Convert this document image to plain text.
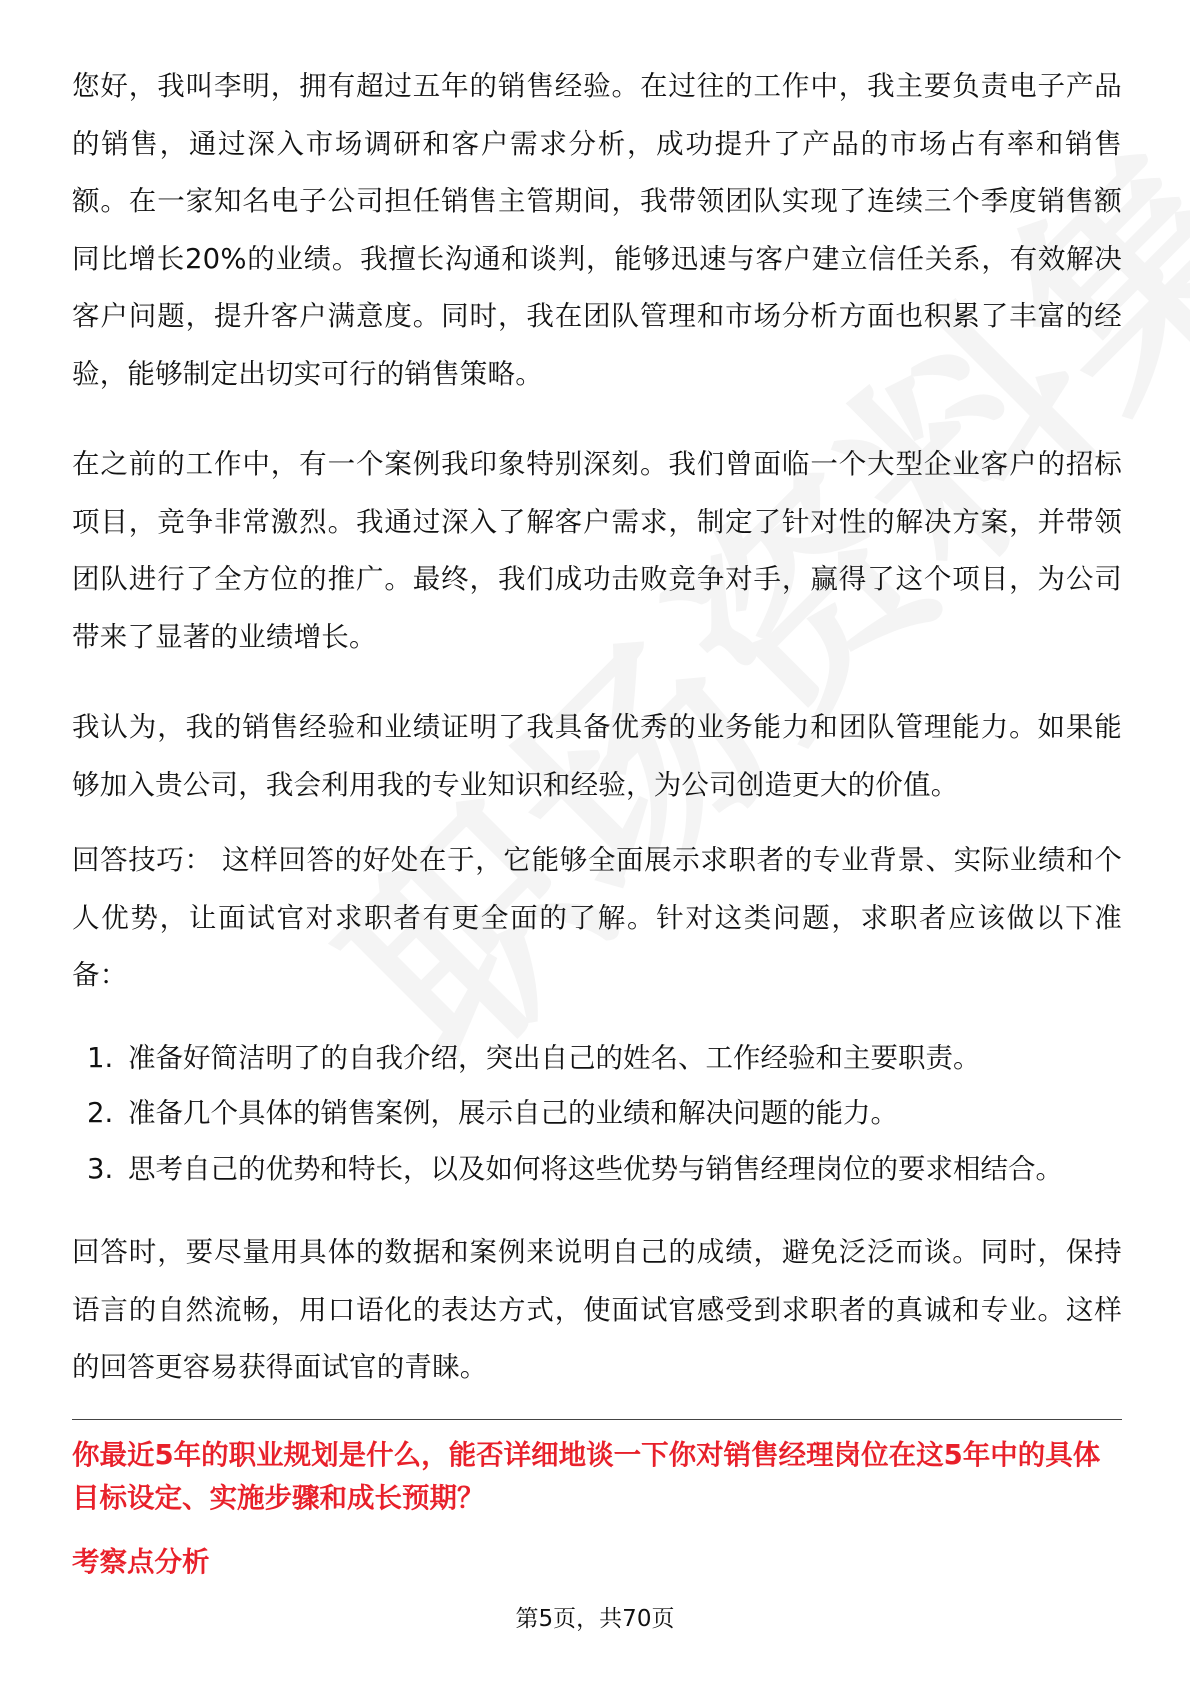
您好，我叫李明，拥有超过五年的销售经验。在过往的工作中，我主要负责电子产品的销售，通过深入市场调研和客户需求分析，成功提升了产品的市场占有率和销售额。在一家知名电子公司担任销售主管期间，我带领团队实现了连续三个季度销售额同比增长20%的业绩。我擅长沟通和谈判，能够迅速与客户建立信任关系，有效解决客户问题，提升客户满意度。同时，我在团队管理和市场分析方面也积累了丰富的经验，能够制定出切实可行的销售策略。

在之前的工作中，有一个案例我印象特别深刻。我们曾面临一个大型企业客户的招标项目，竞争非常激烈。我通过深入了解客户需求，制定了针对性的解决方案，并带领团队进行了全方位的推广。最终，我们成功击败竞争对手，赢得了这个项目，为公司带来了显著的业绩增长。

我认为，我的销售经验和业绩证明了我具备优秀的业务能力和团队管理能力。如果能够加入贵公司，我会利用我的专业知识和经验，为公司创造更大的价值。

回答技巧： 这样回答的好处在于，它能够全面展示求职者的专业背景、实际业绩和个人优势，让面试官对求职者有更全面的了解。针对这类问题，求职者应该做以下准备：

1. 准备好简洁明了的自我介绍，突出自己的姓名、工作经验和主要职责。
2. 准备几个具体的销售案例，展示自己的业绩和解决问题的能力。
3. 思考自己的优势和特长，以及如何将这些优势与销售经理岗位的要求相结合。

回答时，要尽量用具体的数据和案例来说明自己的成绩，避免泛泛而谈。同时，保持语言的自然流畅，用口语化的表达方式，使面试官感受到求职者的真诚和专业。这样的回答更容易获得面试官的青睐。

你最近5年的职业规划是什么，能否详细地谈一下你对销售经理岗位在这5年中的具体目标设定、实施步骤和成长预期？

考察点分析
第5页，共70页
